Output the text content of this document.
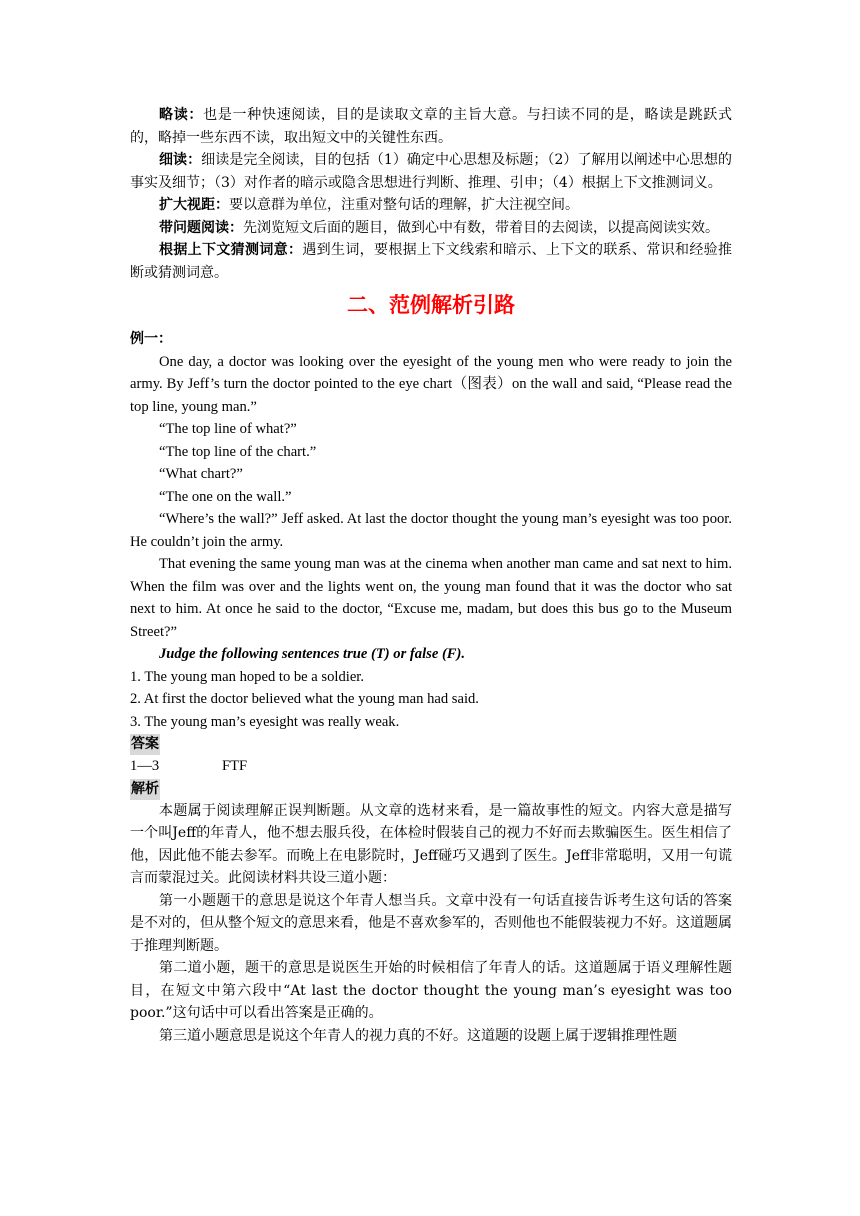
略读：也是一种快速阅读，目的是读取文章的主旨大意。与扫读不同的是，略读是跳跃式的，略掉一些东西不读，取出短文中的关键性东西。

细读：细读是完全阅读，目的包括（1）确定中心思想及标题；（2）了解用以阐述中心思想的事实及细节；（3）对作者的暗示或隐含思想进行判断、推理、引申；（4）根据上下文推测词义。

扩大视距：要以意群为单位，注重对整句话的理解，扩大注视空间。

带问题阅读：先浏览短文后面的题目，做到心中有数，带着目的去阅读，以提高阅读实效。

根据上下文猜测词意：遇到生词，要根据上下文线索和暗示、上下文的联系、常识和经验推断或猜测词意。

二、范例解析引路

例一：

One day, a doctor was looking over the eyesight of the young men who were ready to join the army. By Jeff’s turn the doctor pointed to the eye chart（图表）on the wall and said, “Please read the top line, young man.”

“The top line of what?”

“The top line of the chart.”

“What chart?”

“The one on the wall.”

“Where’s the wall?” Jeff asked. At last the doctor thought the young man’s eyesight was too poor. He couldn’t join the army.

That evening the same young man was at the cinema when another man came and sat next to him. When the film was over and the lights went on, the young man found that it was the doctor who sat next to him. At once he said to the doctor, “Excuse me, madam, but does this bus go to the Museum Street?”

Judge the following sentences true (T) or false (F).

1. The young man hoped to be a soldier.

2. At first the doctor believed what the young man had said.

3. The young man’s eyesight was really weak.

答案

1—3	FTF

解析

本题属于阅读理解正误判断题。从文章的选材来看，是一篇故事性的短文。内容大意是描写一个叫Jeff的年青人，他不想去服兵役，在体检时假装自己的视力不好而去欺骗医生。医生相信了他，因此他不能去参军。而晚上在电影院时，Jeff碰巧又遇到了医生。Jeff非常聪明，又用一句谎言而蒙混过关。此阅读材料共设三道小题：

第一小题题干的意思是说这个年青人想当兵。文章中没有一句话直接告诉考生这句话的答案是不对的，但从整个短文的意思来看，他是不喜欢参军的，否则他也不能假装视力不好。这道题属于推理判断题。

第二道小题，题干的意思是说医生开始的时候相信了年青人的话。这道题属于语义理解性题目，在短文中第六段中“At last the doctor thought the young man’s eyesight was too poor.”这句话中可以看出答案是正确的。

第三道小题意思是说这个年青人的视力真的不好。这道题的设题上属于逻辑推理性题
